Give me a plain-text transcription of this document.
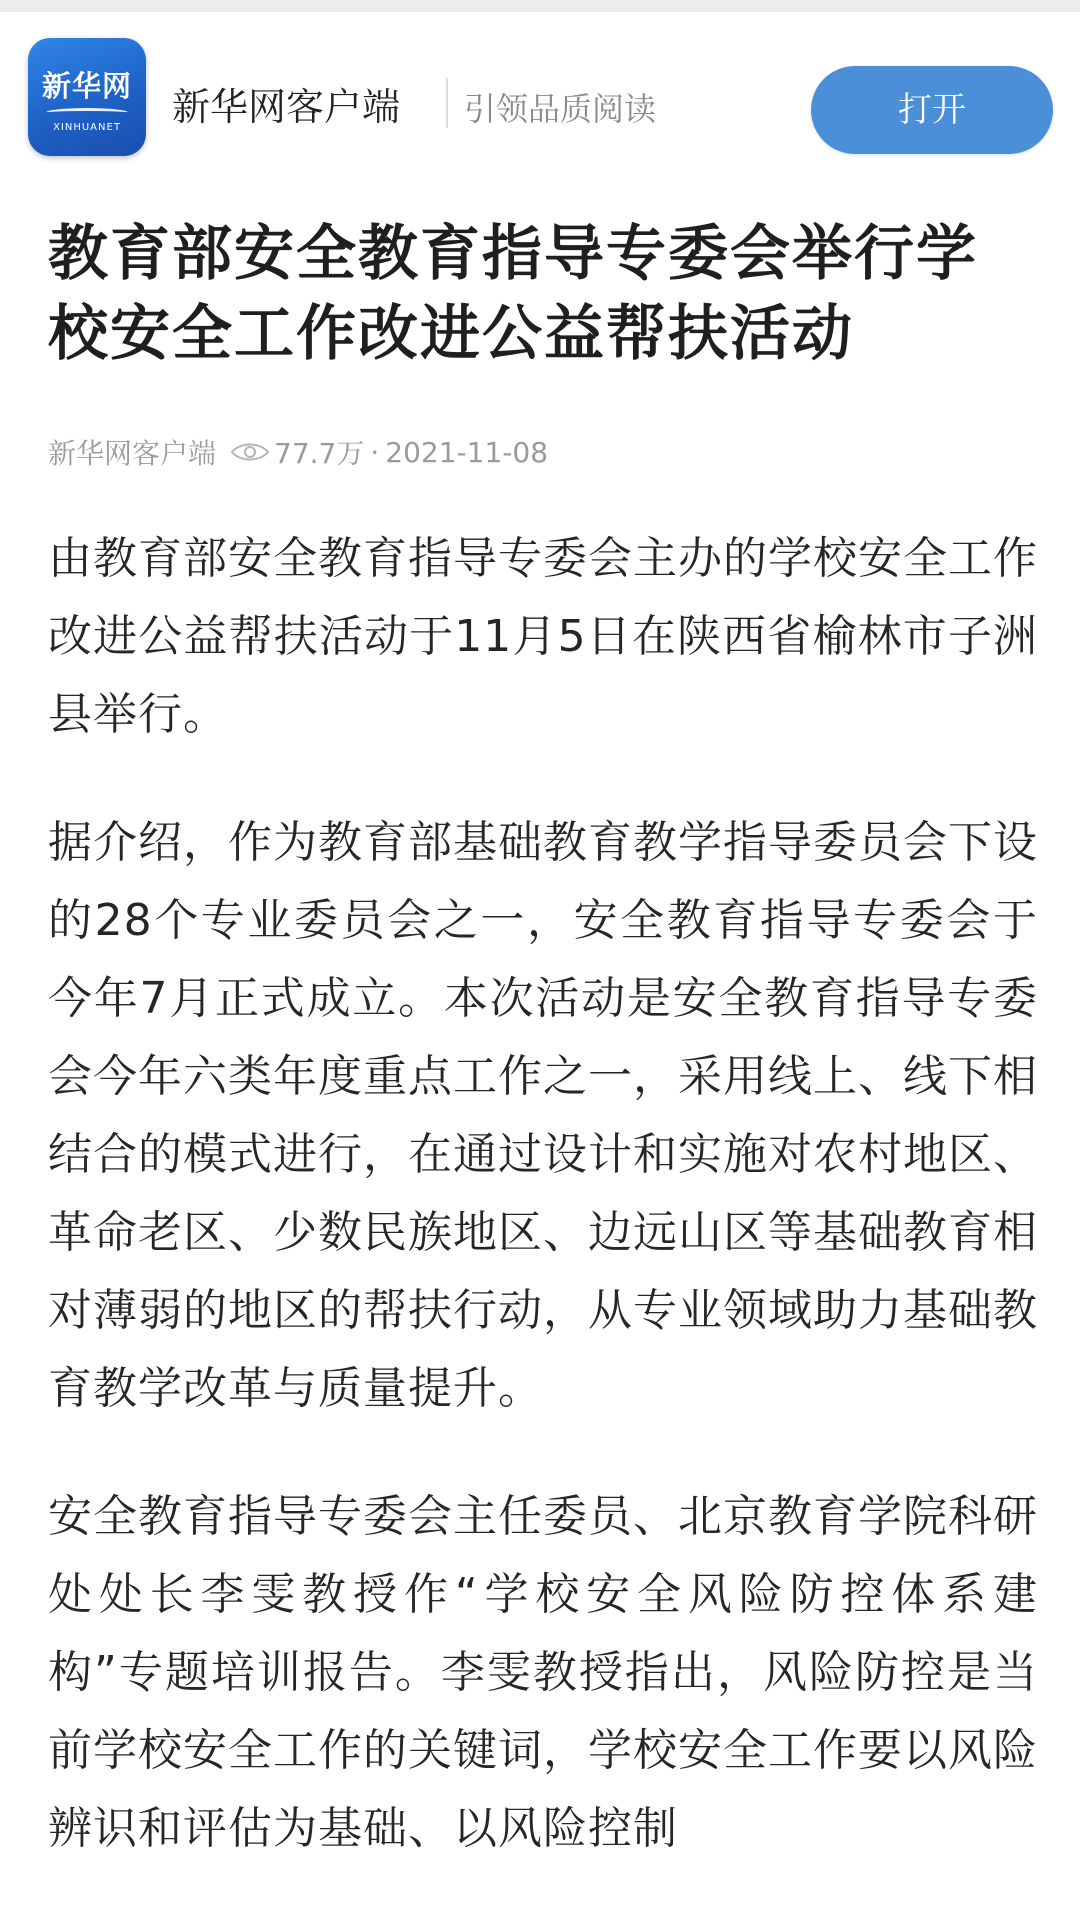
新华网
XINHUANET	新华网客户端 引领品质阅读	打开
教育部安全教育指导专委会举行学校安全工作改进公益帮扶活动
新华网客户端 77.7万 · 2021-11-08

由教育部安全教育指导专委会主办的学校安全工作改进公益帮扶活动于11月5日在陕西省榆林市子洲县举行。

据介绍，作为教育部基础教育教学指导委员会下设的28个专业委员会之一，安全教育指导专委会于今年7月正式成立。本次活动是安全教育指导专委会今年六类年度重点工作之一，采用线上、线下相结合的模式进行，在通过设计和实施对农村地区、革命老区、少数民族地区、边远山区等基础教育相对薄弱的地区的帮扶行动，从专业领域助力基础教育教学改革与质量提升。

安全教育指导专委会主任委员、北京教育学院科研处处长李雯教授作“学校安全风险防控体系建构”专题培训报告。李雯教授指出，风险防控是当前学校安全工作的关键词，学校安全工作要以风险辨识和评估为基础、以风险控制
